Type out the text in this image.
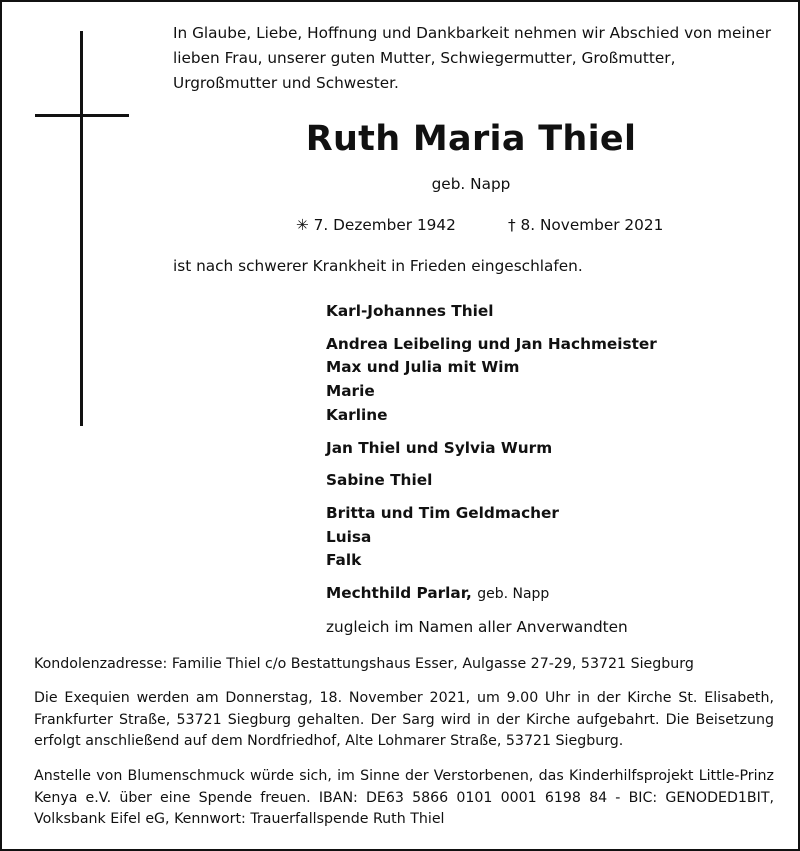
In Glaube, Liebe, Hoffnung und Dankbarkeit nehmen wir Abschied von meiner lieben Frau, unserer guten Mutter, Schwiegermutter, Großmutter, Urgroßmutter und Schwester.
Ruth Maria Thiel
geb. Napp
✳ 7. Dezember 1942	† 8. November 2021
ist nach schwerer Krankheit in Frieden eingeschlafen.
Karl-Johannes Thiel
Andrea Leibeling und Jan Hachmeister
Max und Julia mit Wim
Marie
Karline
Jan Thiel und Sylvia Wurm
Sabine Thiel
Britta und Tim Geldmacher
Luisa
Falk
Mechthild Parlar, geb. Napp
zugleich im Namen aller Anverwandten
Kondolenzadresse: Familie Thiel c/o Bestattungshaus Esser, Aulgasse 27-29, 53721 Siegburg
Die Exequien werden am Donnerstag, 18. November 2021, um 9.00 Uhr in der Kirche St. Elisabeth, Frankfurter Straße, 53721 Siegburg gehalten. Der Sarg wird in der Kirche aufgebahrt. Die Beisetzung erfolgt anschließend auf dem Nordfriedhof, Alte Lohmarer Straße, 53721 Siegburg.
Anstelle von Blumenschmuck würde sich, im Sinne der Verstorbenen, das Kinderhilfsprojekt Little-Prinz Kenya e.V. über eine Spende freuen. IBAN: DE63 5866 0101 0001 6198 84 - BIC: GENODED1BIT, Volksbank Eifel eG, Kennwort: Trauerfallspende Ruth Thiel
